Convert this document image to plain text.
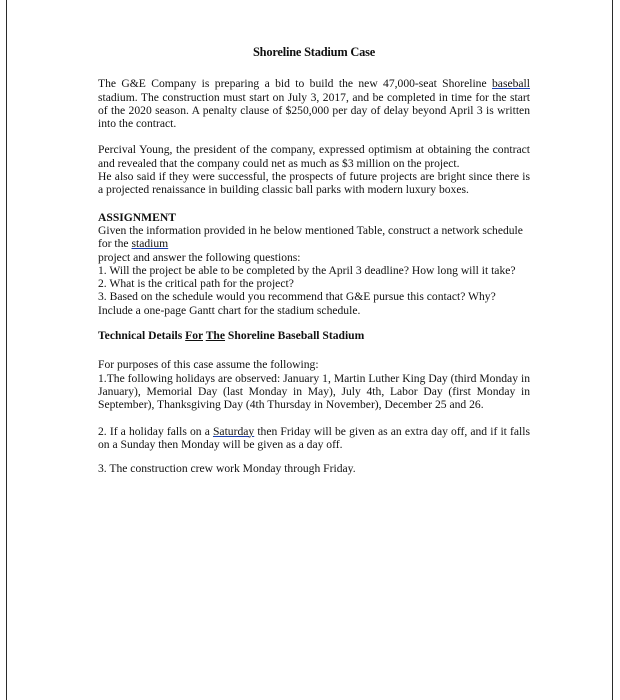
Shoreline Stadium Case

The G&E Company is preparing a bid to build the new 47,000-seat Shoreline baseball stadium. The construction must start on July 3, 2017, and be completed in time for the start of the 2020 season. A penalty clause of $250,000 per day of delay beyond April 3 is written into the contract.

Percival Young, the president of the company, expressed optimism at obtaining the contract and revealed that the company could net as much as $3 million on the project.

He also said if they were successful, the prospects of future projects are bright since there is a projected renaissance in building classic ball parks with modern luxury boxes.

ASSIGNMENT

Given the information provided in he below mentioned Table, construct a network schedule for the stadium

project and answer the following questions:

1. Will the project be able to be completed by the April 3 deadline? How long will it take?

2. What is the critical path for the project?

3. Based on the schedule would you recommend that G&E pursue this contact? Why?

Include a one-page Gantt chart for the stadium schedule.

Technical Details For The Shoreline Baseball Stadium

For purposes of this case assume the following:

1.The following holidays are observed: January 1, Martin Luther King Day (third Monday in January), Memorial Day (last Monday in May), July 4th, Labor Day (first Monday in September), Thanksgiving Day (4th Thursday in November), December 25 and 26.

2. If a holiday falls on a Saturday then Friday will be given as an extra day off, and if it falls on a Sunday then Monday will be given as a day off.

3. The construction crew work Monday through Friday.
